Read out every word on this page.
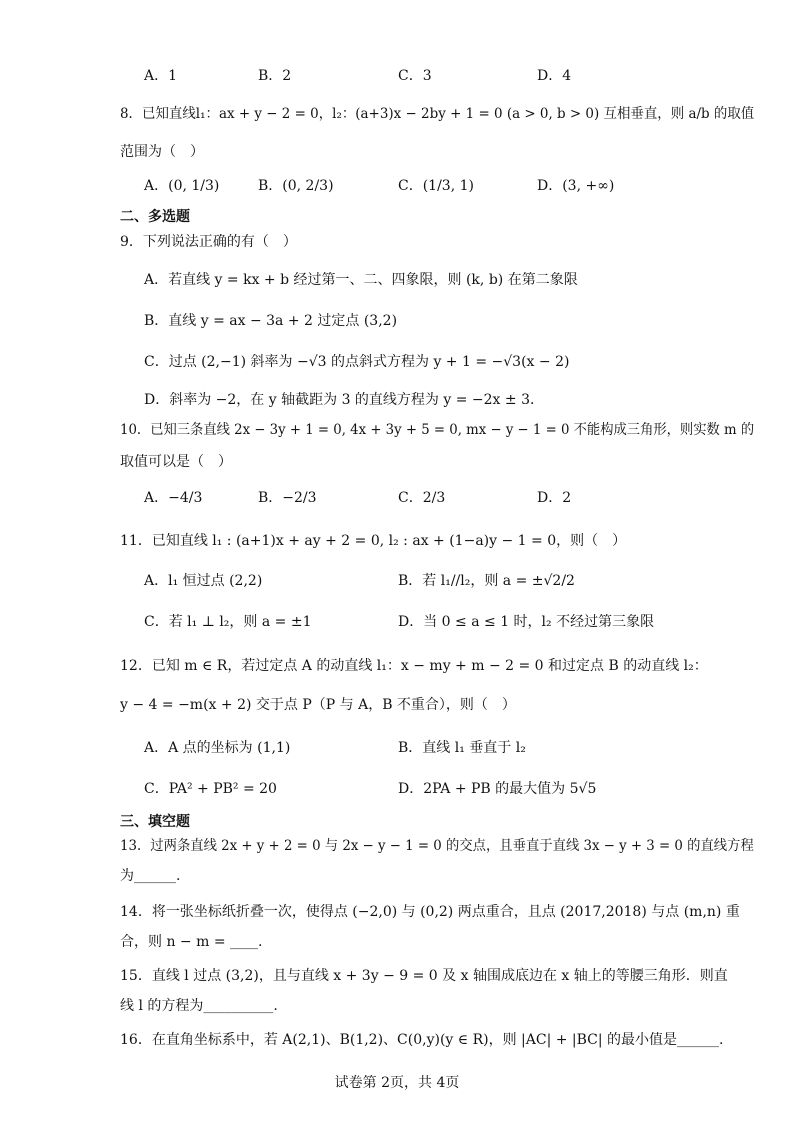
A．1	B．2	C．3	D．4
8．已知直线l₁：ax + y − 2 = 0，l₂：(a+3)x − 2by + 1 = 0 (a > 0, b > 0) 互相垂直，则 a/b 的取值
范围为（　）
A．(0, 1/3)	B．(0, 2/3)	C．(1/3, 1)	D．(3, +∞)
二、多选题
9．下列说法正确的有（　）
A．若直线 y = kx + b 经过第一、二、四象限，则 (k, b) 在第二象限
B．直线 y = ax − 3a + 2 过定点 (3,2)
C．过点 (2,−1) 斜率为 −√3 的点斜式方程为 y + 1 = −√3(x − 2)
D．斜率为 −2，在 y 轴截距为 3 的直线方程为 y = −2x ± 3．
10．已知三条直线 2x − 3y + 1 = 0, 4x + 3y + 5 = 0, mx − y − 1 = 0 不能构成三角形，则实数 m 的
取值可以是（　）
A．−4/3	B．−2/3	C．2/3	D．2
11．已知直线 l₁ : (a+1)x + ay + 2 = 0, l₂ : ax + (1−a)y − 1 = 0，则（　）
A．l₁ 恒过点 (2,2)	B．若 l₁//l₂，则 a = ±√2/2
C．若 l₁ ⊥ l₂，则 a = ±1	D．当 0 ≤ a ≤ 1 时，l₂ 不经过第三象限
12．已知 m ∈ R，若过定点 A 的动直线 l₁：x − my + m − 2 = 0 和过定点 B 的动直线 l₂：
y − 4 = −m(x + 2) 交于点 P（P 与 A，B 不重合），则（　）
A．A 点的坐标为 (1,1)	B．直线 l₁ 垂直于 l₂
C．PA² + PB² = 20	D．2PA + PB 的最大值为 5√5
三、填空题
13．过两条直线 2x + y + 2 = 0 与 2x − y − 1 = 0 的交点，且垂直于直线 3x − y + 3 = 0 的直线方程
为______.
14．将一张坐标纸折叠一次，使得点 (−2,0) 与 (0,2) 两点重合，且点 (2017,2018) 与点 (m,n) 重
合，则 n − m = ____.
15．直线 l 过点 (3,2)，且与直线 x + 3y − 9 = 0 及 x 轴围成底边在 x 轴上的等腰三角形．则直
线 l 的方程为__________.
16．在直角坐标系中，若 A(2,1)、B(1,2)、C(0,y)(y ∈ R)，则 |AC| + |BC| 的最小值是______.
试卷第 2页，共 4页
